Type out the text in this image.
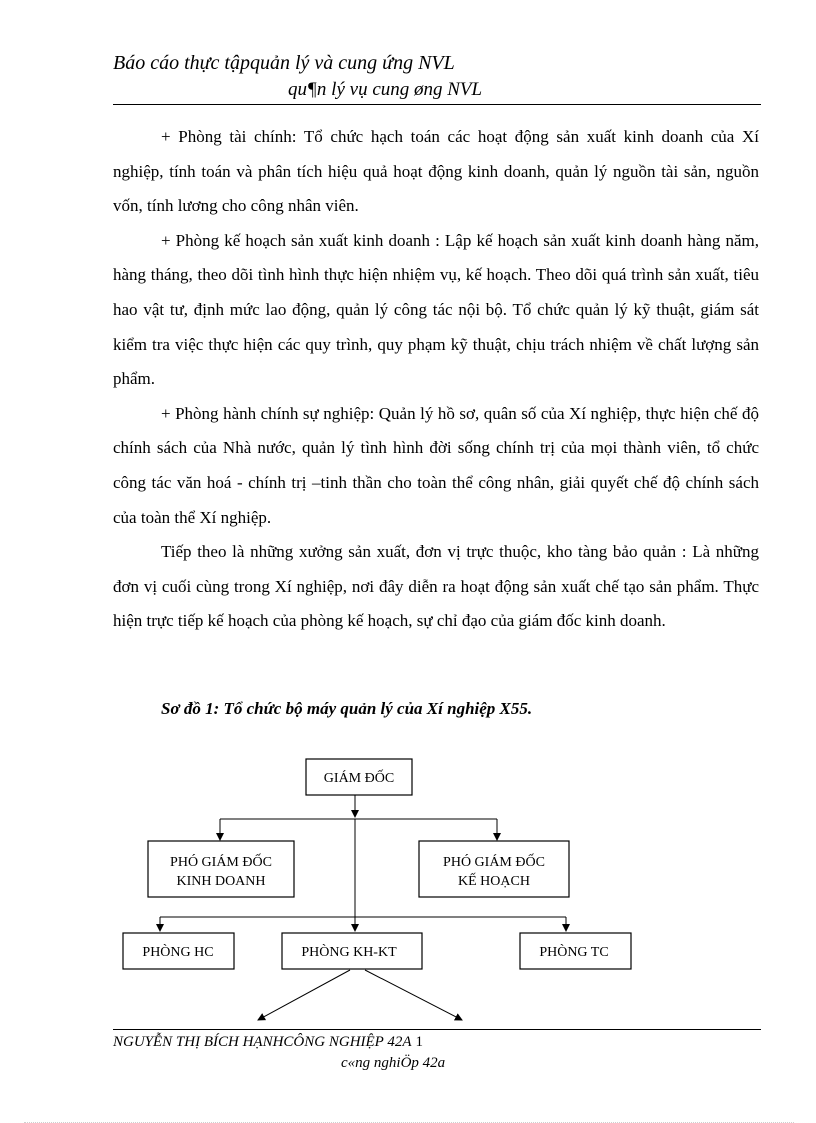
Báo cáo thực tậpquản lý và cung ứng NVL
qu¶n lý vụ cung øng NVL

+ Phòng tài chính: Tổ chức hạch toán các hoạt động sản xuất kinh doanh của Xí nghiệp, tính toán và phân tích hiệu quả hoạt động kinh doanh, quản lý nguồn tài sản, nguồn vốn, tính lương cho công nhân viên.

+ Phòng kế hoạch sản xuất kinh doanh : Lập kế hoạch sản xuất kinh doanh hàng năm, hàng tháng, theo dõi tình hình thực hiện nhiệm vụ, kế hoạch. Theo dõi quá trình sản xuất, tiêu hao vật tư, định mức lao động, quản lý công tác nội bộ. Tổ chức quản lý kỹ thuật, giám sát kiểm tra việc thực hiện các quy trình, quy phạm kỹ thuật, chịu trách nhiệm về chất lượng sản phẩm.

+ Phòng hành chính sự nghiệp: Quản lý hồ sơ, quân số của Xí nghiệp, thực hiện chế độ chính sách của Nhà nước, quản lý tình hình đời sống chính trị của mọi thành viên, tổ chức công tác văn hoá - chính trị –tinh thần cho toàn thể công nhân, giải quyết chế độ chính sách của toàn thể Xí nghiệp.

Tiếp theo là những xưởng sản xuất, đơn vị trực thuộc, kho tàng bảo quản : Là những đơn vị cuối cùng trong Xí nghiệp, nơi đây diễn ra hoạt động sản xuất chế tạo sản phẩm. Thực hiện trực tiếp kế hoạch của phòng kế hoạch, sự chỉ đạo của giám đốc kinh doanh.

Sơ đồ 1: Tổ chức bộ máy quản lý của Xí nghiệp X55.
GIÁM ĐỐC
PHÓ GIÁM ĐỐC
KINH DOANH
PHÓ GIÁM ĐỐC
KẾ HOẠCH
PHÒNG HC	PHÒNG KH-KT	PHÒNG TC
NGUYỄN THỊ BÍCH HẠNHCÔNG NGHIỆP 42A 1
c«ng nghiÖp 42a
